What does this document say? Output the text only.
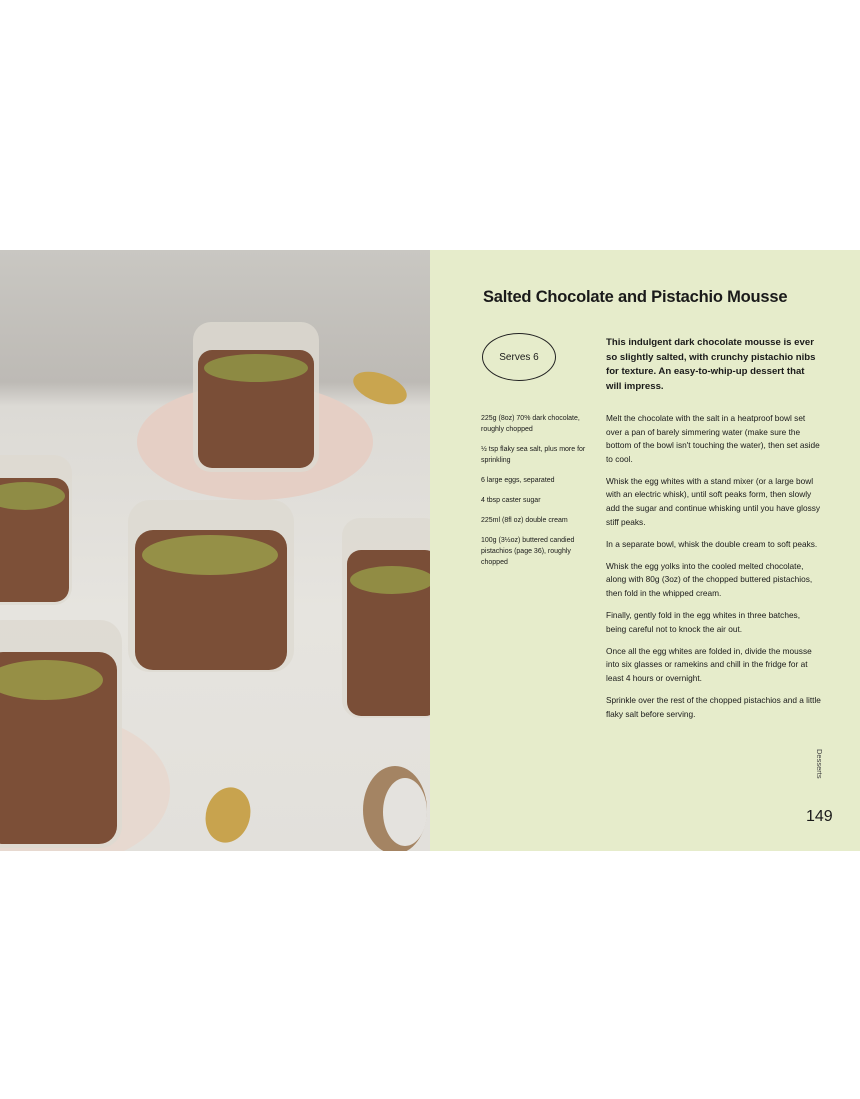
Salted Chocolate and Pistachio Mousse
Serves 6
This indulgent dark chocolate mousse is ever so slightly salted, with crunchy pistachio nibs for texture. An easy-to-whip-up dessert that will impress.
225g (8oz) 70% dark chocolate, roughly chopped
½ tsp flaky sea salt, plus more for sprinkling
6 large eggs, separated
4 tbsp caster sugar
225ml (8fl oz) double cream
100g (3½oz) buttered candied pistachios (page 36), roughly chopped
Melt the chocolate with the salt in a heatproof bowl set over a pan of barely simmering water (make sure the bottom of the bowl isn't touching the water), then set aside to cool.
Whisk the egg whites with a stand mixer (or a large bowl with an electric whisk), until soft peaks form, then slowly add the sugar and continue whisking until you have glossy stiff peaks.
In a separate bowl, whisk the double cream to soft peaks.
Whisk the egg yolks into the cooled melted chocolate, along with 80g (3oz) of the chopped buttered pistachios, then fold in the whipped cream.
Finally, gently fold in the egg whites in three batches, being careful not to knock the air out.
Once all the egg whites are folded in, divide the mousse into six glasses or ramekins and chill in the fridge for at least 4 hours or overnight.
Sprinkle over the rest of the chopped pistachios and a little flaky salt before serving.
Desserts
149
